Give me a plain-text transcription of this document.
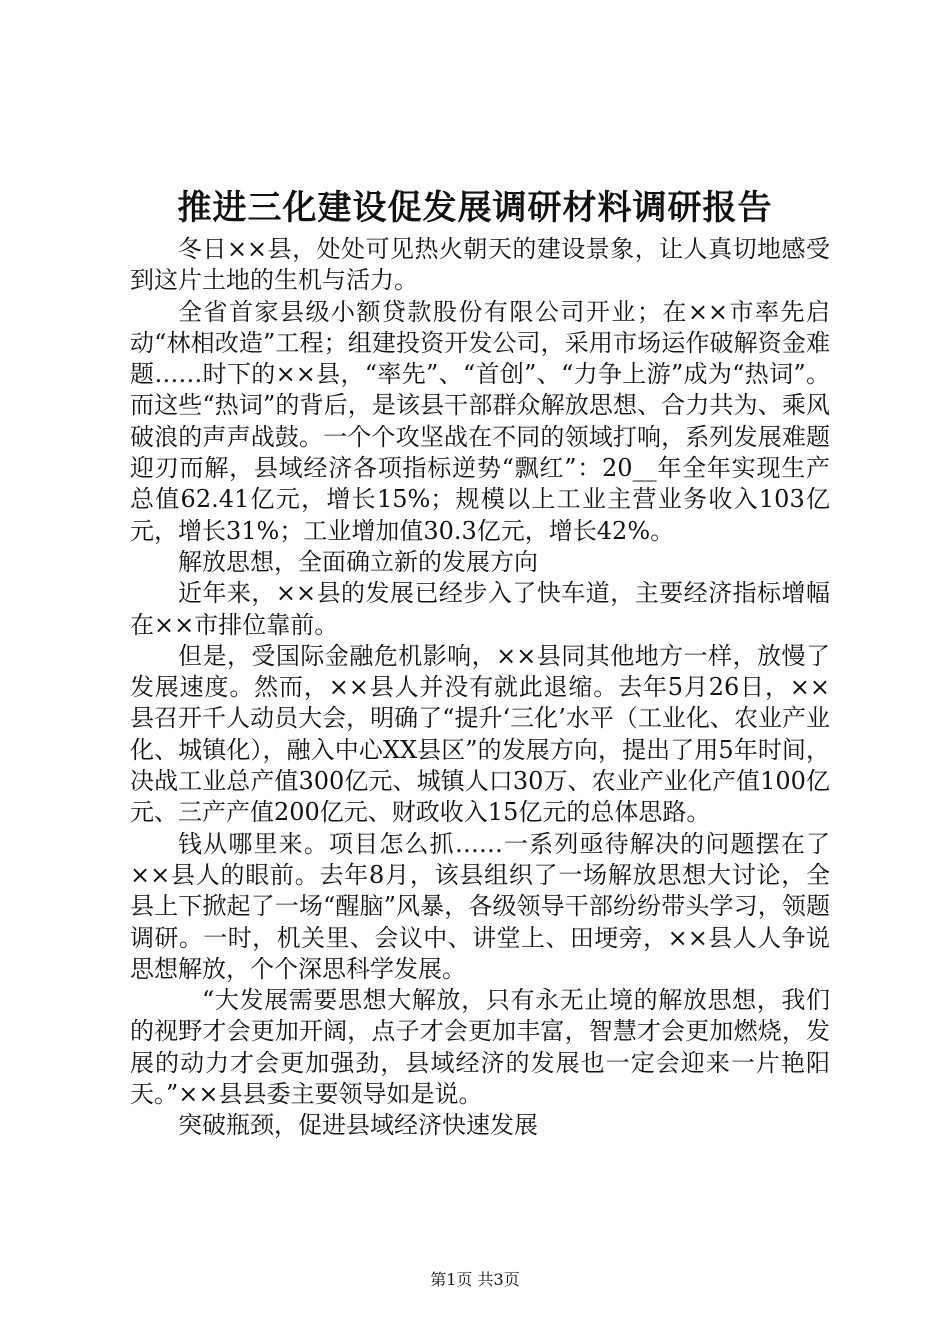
推进三化建设促发展调研材料调研报告

冬日××县，处处可见热火朝天的建设景象，让人真切地感受到这片土地的生机与活力。

全省首家县级小额贷款股份有限公司开业；在××市率先启动“林相改造”工程；组建投资开发公司，采用市场运作破解资金难题……时下的××县，“率先”、“首创”、“力争上游”成为“热词”。而这些“热词”的背后，是该县干部群众解放思想、合力共为、乘风破浪的声声战鼓。一个个攻坚战在不同的领域打响，系列发展难题迎刃而解，县域经济各项指标逆势“飘红”：20__年全年实现生产总值62.41亿元，增长15%；规模以上工业主营业务收入103亿元，增长31%；工业增加值30.3亿元，增长42%。

解放思想，全面确立新的发展方向

近年来，××县的发展已经步入了快车道，主要经济指标增幅在××市排位靠前。

但是，受国际金融危机影响，××县同其他地方一样，放慢了发展速度。然而，××县人并没有就此退缩。去年5月26日，××县召开千人动员大会，明确了“提升‘三化’水平（工业化、农业产业化、城镇化），融入中心XX县区”的发展方向，提出了用5年时间，决战工业总产值300亿元、城镇人口30万、农业产业化产值100亿元、三产产值200亿元、财政收入15亿元的总体思路。

钱从哪里来。项目怎么抓……一系列亟待解决的问题摆在了××县人的眼前。去年8月，该县组织了一场解放思想大讨论，全县上下掀起了一场“醒脑”风暴，各级领导干部纷纷带头学习，领题调研。一时，机关里、会议中、讲堂上、田埂旁，××县人人争说思想解放，个个深思科学发展。

“大发展需要思想大解放，只有永无止境的解放思想，我们的视野才会更加开阔，点子才会更加丰富，智慧才会更加燃烧，发展的动力才会更加强劲，县域经济的发展也一定会迎来一片艳阳天。”××县县委主要领导如是说。

突破瓶颈，促进县域经济快速发展

第1页 共3页
